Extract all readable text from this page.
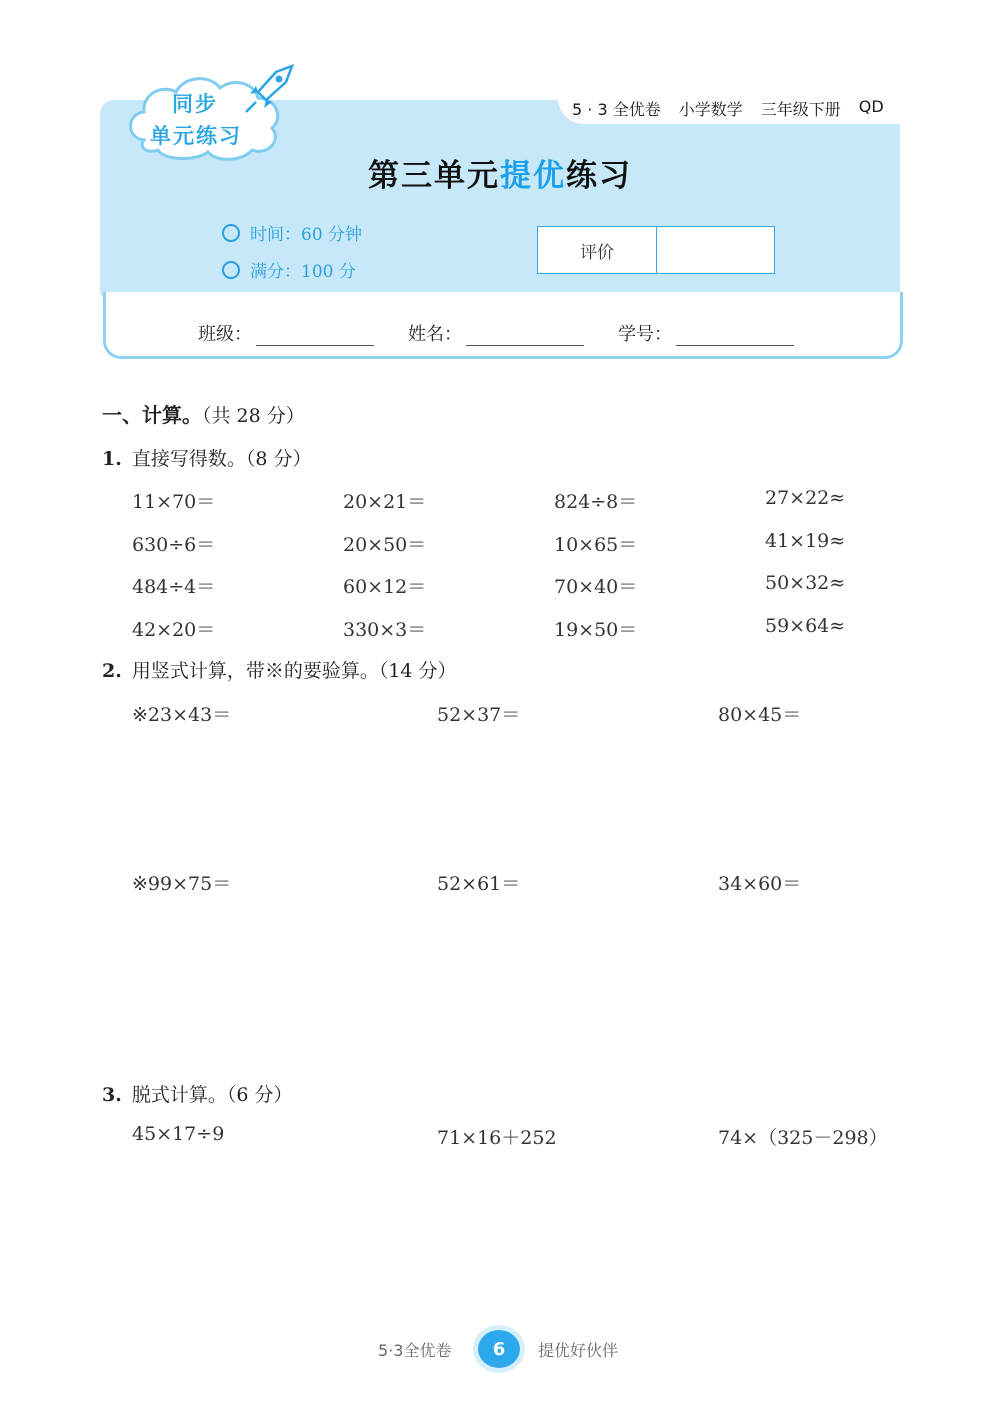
5 · 3 全优卷 小学数学 三年级下册 QD
同步
单元练习
第三单元提优练习
时间：60 分钟
满分：100 分
评价
班级：	姓名：	学号：
一、计算。（共 28 分）
1. 直接写得数。（8 分）
11×70＝	20×21＝	824÷8＝	27×22≈
630÷6＝	20×50＝	10×65＝	41×19≈
484÷4＝	60×12＝	70×40＝	50×32≈
42×20＝	330×3＝	19×50＝	59×64≈
2. 用竖式计算，带※的要验算。（14 分）
※23×43＝	52×37＝	80×45＝
※99×75＝	52×61＝	34×60＝
3. 脱式计算。（6 分）
45×17÷9	71×16＋252	74×（325－298）
5·3全优卷	6	提优好伙伴
